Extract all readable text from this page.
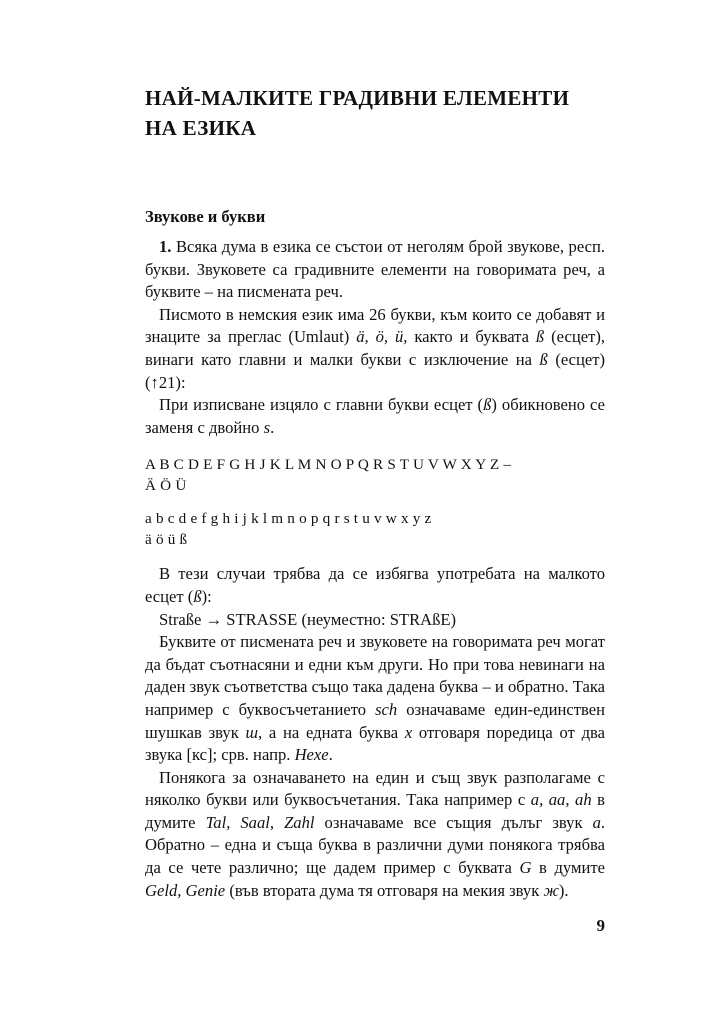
НАЙ-МАЛКИТЕ ГРАДИВНИ ЕЛЕМЕНТИ
НА ЕЗИКА
Звукове и букви

1. Всяка дума в езика се състои от неголям брой звукове, респ. букви. Звуковете са градивните елементи на говоримата реч, а буквите – на писмената реч.

Писмото в немския език има 26 букви, към които се добавят и знаците за преглас (Umlaut) ä, ö, ü, както и буквата ß (есцет), винаги като главни и малки букви с изключение на ß (есцет) (↑21):

При изписване изцяло с главни букви есцет (ß) обикновено се заменя с двойно s.

A B C D E F G H J K L M N O P Q R S T U V W X Y Z –
Ä Ö Ü
a b c d e f g h i j k l m n o p q r s t u v w x y z
ä ö ü ß

В тези случаи трябва да се избягва употребата на малкото есцет (ß):

Straße → STRASSE (неуместно: STRAßE)

Буквите от писмената реч и звуковете на говоримата реч могат да бъдат съотнасяни и едни към други. Но при това невинаги на даден звук съответства също така дадена буква – и обратно. Така например с буквосъчетанието sch означаваме един-единствен шушкав звук ш, а на едната буква x отговаря поредица от два звука [кс]; срв. напр. Hexe.

Понякога за означаването на един и същ звук разполагаме с няколко букви или буквосъчетания. Така например с a, aa, ah в думите Tal, Saal, Zahl означаваме все същия дълъг звук а. Обратно – една и съща буква в различни думи понякога трябва да се чете различно; ще дадем пример с буквата G в думите Geld, Genie (във втората дума тя отговаря на мекия звук ж).

9
